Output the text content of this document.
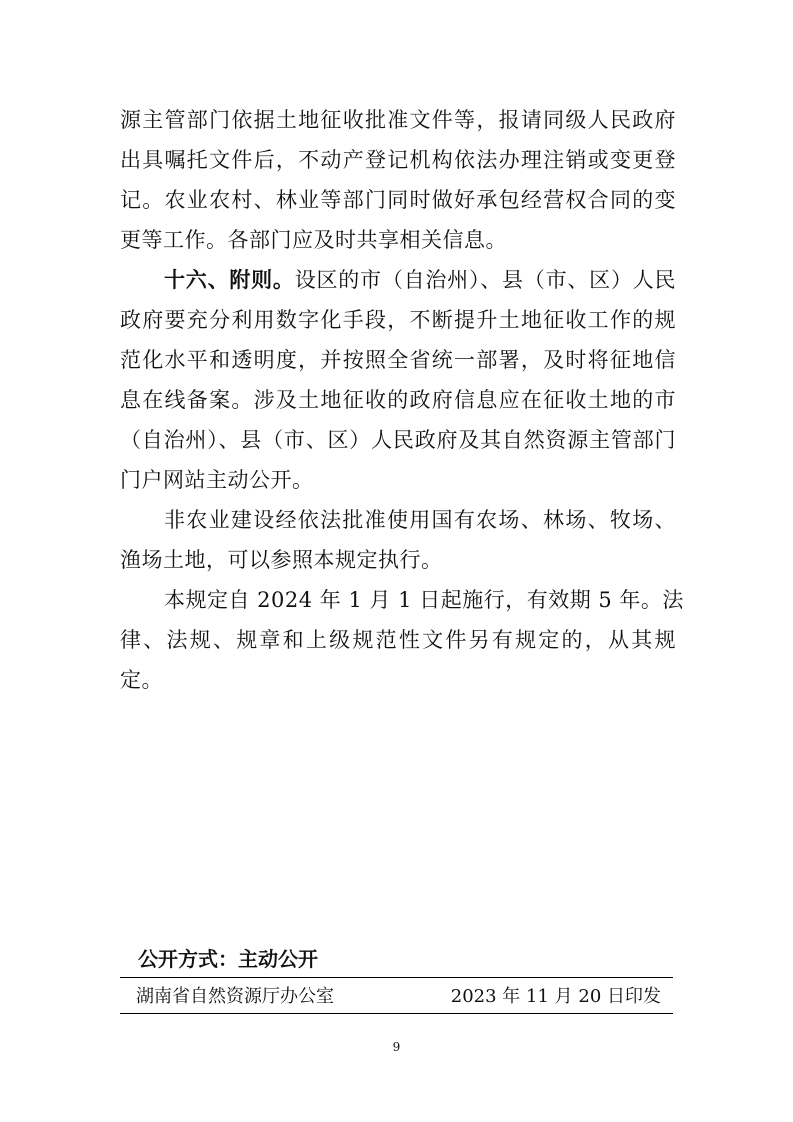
源主管部门依据土地征收批准文件等，报请同级人民政府
出具嘱托文件后，不动产登记机构依法办理注销或变更登
记。农业农村、林业等部门同时做好承包经营权合同的变
更等工作。各部门应及时共享相关信息。
十六、附则。设区的市（自治州）、县（市、区）人民
政府要充分利用数字化手段，不断提升土地征收工作的规
范化水平和透明度，并按照全省统一部署，及时将征地信
息在线备案。涉及土地征收的政府信息应在征收土地的市
（自治州）、县（市、区）人民政府及其自然资源主管部门
门户网站主动公开。
非农业建设经依法批准使用国有农场、林场、牧场、
渔场土地，可以参照本规定执行。
本规定自 2024 年 1 月 1 日起施行，有效期 5 年。法
律、法规、规章和上级规范性文件另有规定的，从其规
定。
公开方式：主动公开
湖南省自然资源厅办公室	2023 年 11 月 20 日印发
9
